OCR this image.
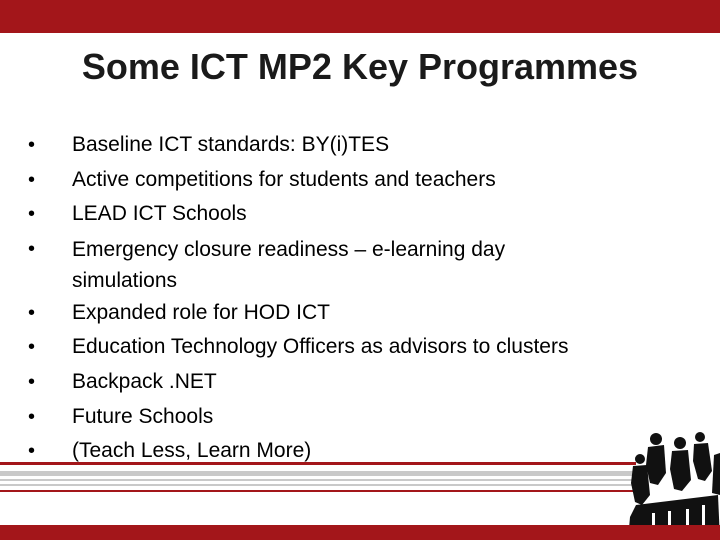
Some ICT MP2 Key Programmes
• Baseline ICT standards: BY(i)TES
• Active competitions for students and teachers
• LEAD ICT Schools
• Emergency closure readiness – e-learning day simulations
• Expanded role for HOD ICT
• Education Technology Officers as advisors to clusters
• Backpack .NET
• Future Schools
• (Teach Less, Learn More)
